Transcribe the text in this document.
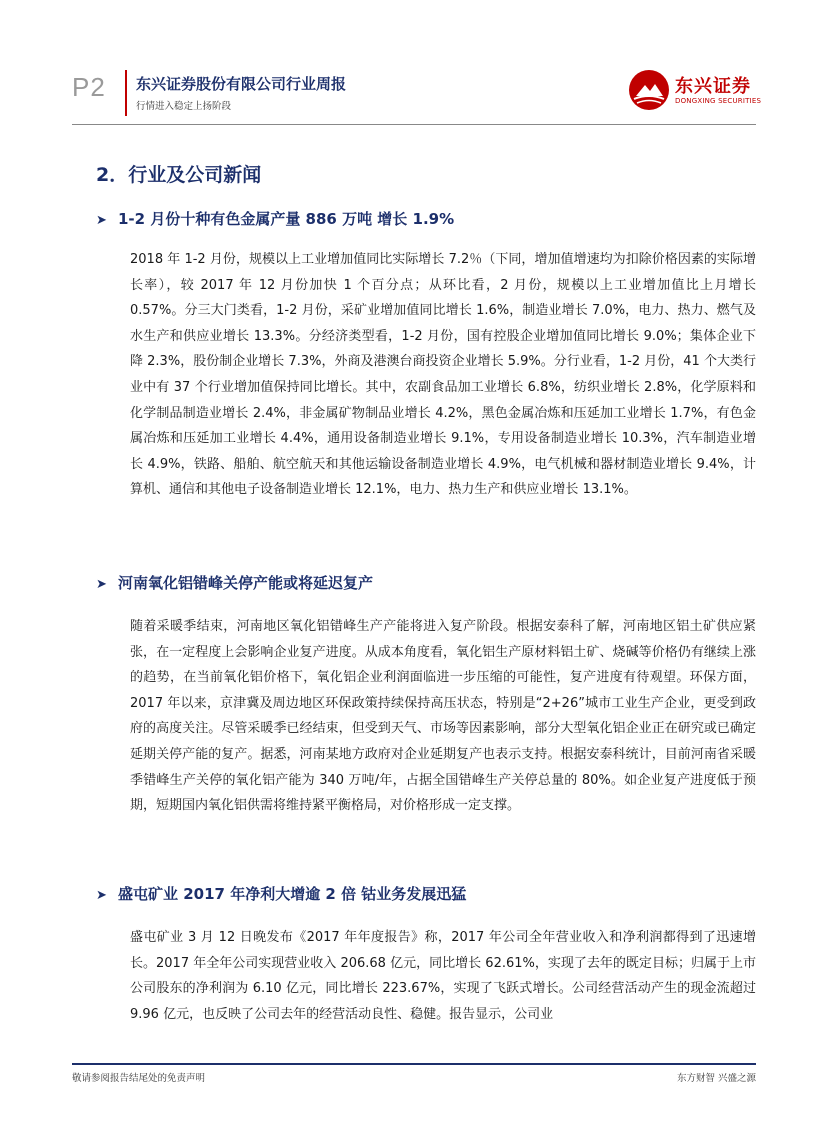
P2 东兴证券股份有限公司行业周报
行情进入稳定上扬阶段
东兴证券
DONGXING SECURITIES
2．行业及公司新闻
➤ 1-2 月份十种有色金属产量 886 万吨 增长 1.9%
2018 年 1-2 月份，规模以上工业增加值同比实际增长 7.2％（下同，增加值增速均为扣除价格因素的实际增长率），较 2017 年 12 月份加快 1 个百分点；从环比看，2 月份，规模以上工业增加值比上月增长 0.57%。分三大门类看，1-2 月份，采矿业增加值同比增长 1.6%，制造业增长 7.0%，电力、热力、燃气及水生产和供应业增长 13.3%。分经济类型看，1-2 月份，国有控股企业增加值同比增长 9.0%；集体企业下降 2.3%，股份制企业增长 7.3%，外商及港澳台商投资企业增长 5.9%。分行业看，1-2 月份，41 个大类行业中有 37 个行业增加值保持同比增长。其中，农副食品加工业增长 6.8%，纺织业增长 2.8%，化学原料和化学制品制造业增长 2.4%，非金属矿物制品业增长 4.2%，黑色金属冶炼和压延加工业增长 1.7%，有色金属冶炼和压延加工业增长 4.4%，通用设备制造业增长 9.1%，专用设备制造业增长 10.3%，汽车制造业增长 4.9%，铁路、船舶、航空航天和其他运输设备制造业增长 4.9%，电气机械和器材制造业增长 9.4%，计算机、通信和其他电子设备制造业增长 12.1%，电力、热力生产和供应业增长 13.1%。
➤ 河南氧化铝错峰关停产能或将延迟复产
随着采暖季结束，河南地区氧化铝错峰生产产能将进入复产阶段。根据安泰科了解，河南地区铝土矿供应紧张，在一定程度上会影响企业复产进度。从成本角度看，氧化铝生产原材料铝土矿、烧碱等价格仍有继续上涨的趋势，在当前氧化铝价格下，氧化铝企业利润面临进一步压缩的可能性，复产进度有待观望。环保方面，2017 年以来，京津冀及周边地区环保政策持续保持高压状态，特别是“2+26”城市工业生产企业，更受到政府的高度关注。尽管采暖季已经结束，但受到天气、市场等因素影响，部分大型氧化铝企业正在研究或已确定延期关停产能的复产。据悉，河南某地方政府对企业延期复产也表示支持。根据安泰科统计，目前河南省采暖季错峰生产关停的氧化铝产能为 340 万吨/年，占据全国错峰生产关停总量的 80%。如企业复产进度低于预期，短期国内氧化铝供需将维持紧平衡格局，对价格形成一定支撑。
➤ 盛屯矿业 2017 年净利大增逾 2 倍 钴业务发展迅猛
盛屯矿业 3 月 12 日晚发布《2017 年年度报告》称，2017 年公司全年营业收入和净利润都得到了迅速增长。2017 年全年公司实现营业收入 206.68 亿元，同比增长 62.61%，实现了去年的既定目标；归属于上市公司股东的净利润为 6.10 亿元，同比增长 223.67%，实现了飞跃式增长。公司经营活动产生的现金流超过 9.96 亿元，也反映了公司去年的经营活动良性、稳健。报告显示，公司业
敬请参阅报告结尾处的免责声明	东方财智 兴盛之源
